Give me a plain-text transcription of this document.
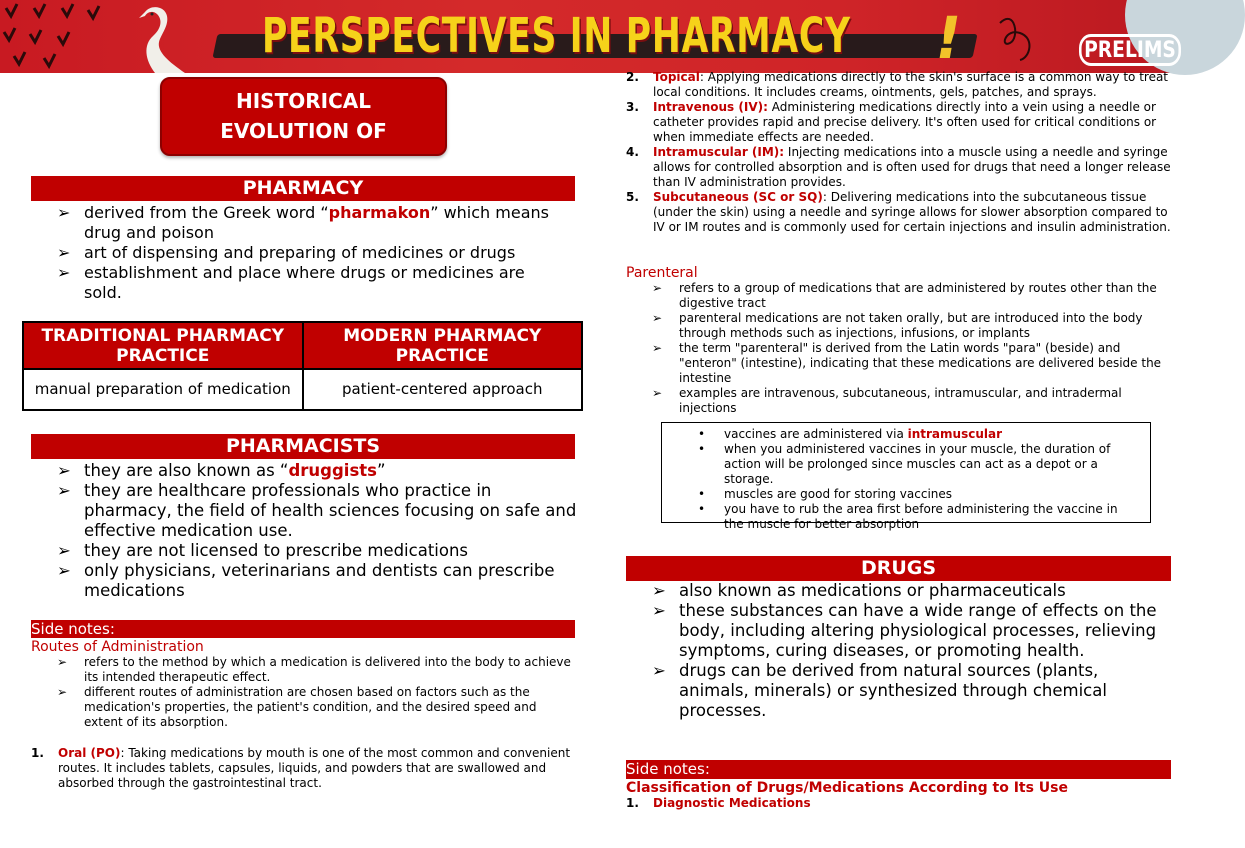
PERSPECTIVES IN PHARMACY !	PRELIMS
HISTORICAL
EVOLUTION OF
PHARMACY
➢ derived from the Greek word “pharmakon” which means drug and poison
➢ art of dispensing and preparing of medicines or drugs
➢ establishment and place where drugs or medicines are sold.
TRADITIONAL PHARMACY PRACTICE	MODERN PHARMACY PRACTICE
manual preparation of medication	patient-centered approach
PHARMACISTS
➢ they are also known as “druggists”
➢ they are healthcare professionals who practice in pharmacy, the field of health sciences focusing on safe and effective medication use.
➢ they are not licensed to prescribe medications
➢ only physicians, veterinarians and dentists can prescribe medications
Side notes:
Routes of Administration
➢ refers to the method by which a medication is delivered into the body to achieve its intended therapeutic effect.
➢ different routes of administration are chosen based on factors such as the medication's properties, the patient's condition, and the desired speed and extent of its absorption.
1. Oral (PO): Taking medications by mouth is one of the most common and convenient routes. It includes tablets, capsules, liquids, and powders that are swallowed and absorbed through the gastrointestinal tract.
2. Topical: Applying medications directly to the skin's surface is a common way to treat local conditions. It includes creams, ointments, gels, patches, and sprays.
3. Intravenous (IV): Administering medications directly into a vein using a needle or catheter provides rapid and precise delivery. It's often used for critical conditions or when immediate effects are needed.
4. Intramuscular (IM): Injecting medications into a muscle using a needle and syringe allows for controlled absorption and is often used for drugs that need a longer release than IV administration provides.
5. Subcutaneous (SC or SQ): Delivering medications into the subcutaneous tissue (under the skin) using a needle and syringe allows for slower absorption compared to IV or IM routes and is commonly used for certain injections and insulin administration.
Parenteral
➢ refers to a group of medications that are administered by routes other than the digestive tract
➢ parenteral medications are not taken orally, but are introduced into the body through methods such as injections, infusions, or implants
➢ the term "parenteral" is derived from the Latin words "para" (beside) and "enteron" (intestine), indicating that these medications are delivered beside the intestine
➢ examples are intravenous, subcutaneous, intramuscular, and intradermal injections
• vaccines are administered via intramuscular
• when you administered vaccines in your muscle, the duration of action will be prolonged since muscles can act as a depot or a storage.
• muscles are good for storing vaccines
• you have to rub the area first before administering the vaccine in the muscle for better absorption
DRUGS
➢ also known as medications or pharmaceuticals
➢ these substances can have a wide range of effects on the body, including altering physiological processes, relieving symptoms, curing diseases, or promoting health.
➢ drugs can be derived from natural sources (plants, animals, minerals) or synthesized through chemical processes.
Side notes:
Classification of Drugs/Medications According to Its Use
1. Diagnostic Medications
